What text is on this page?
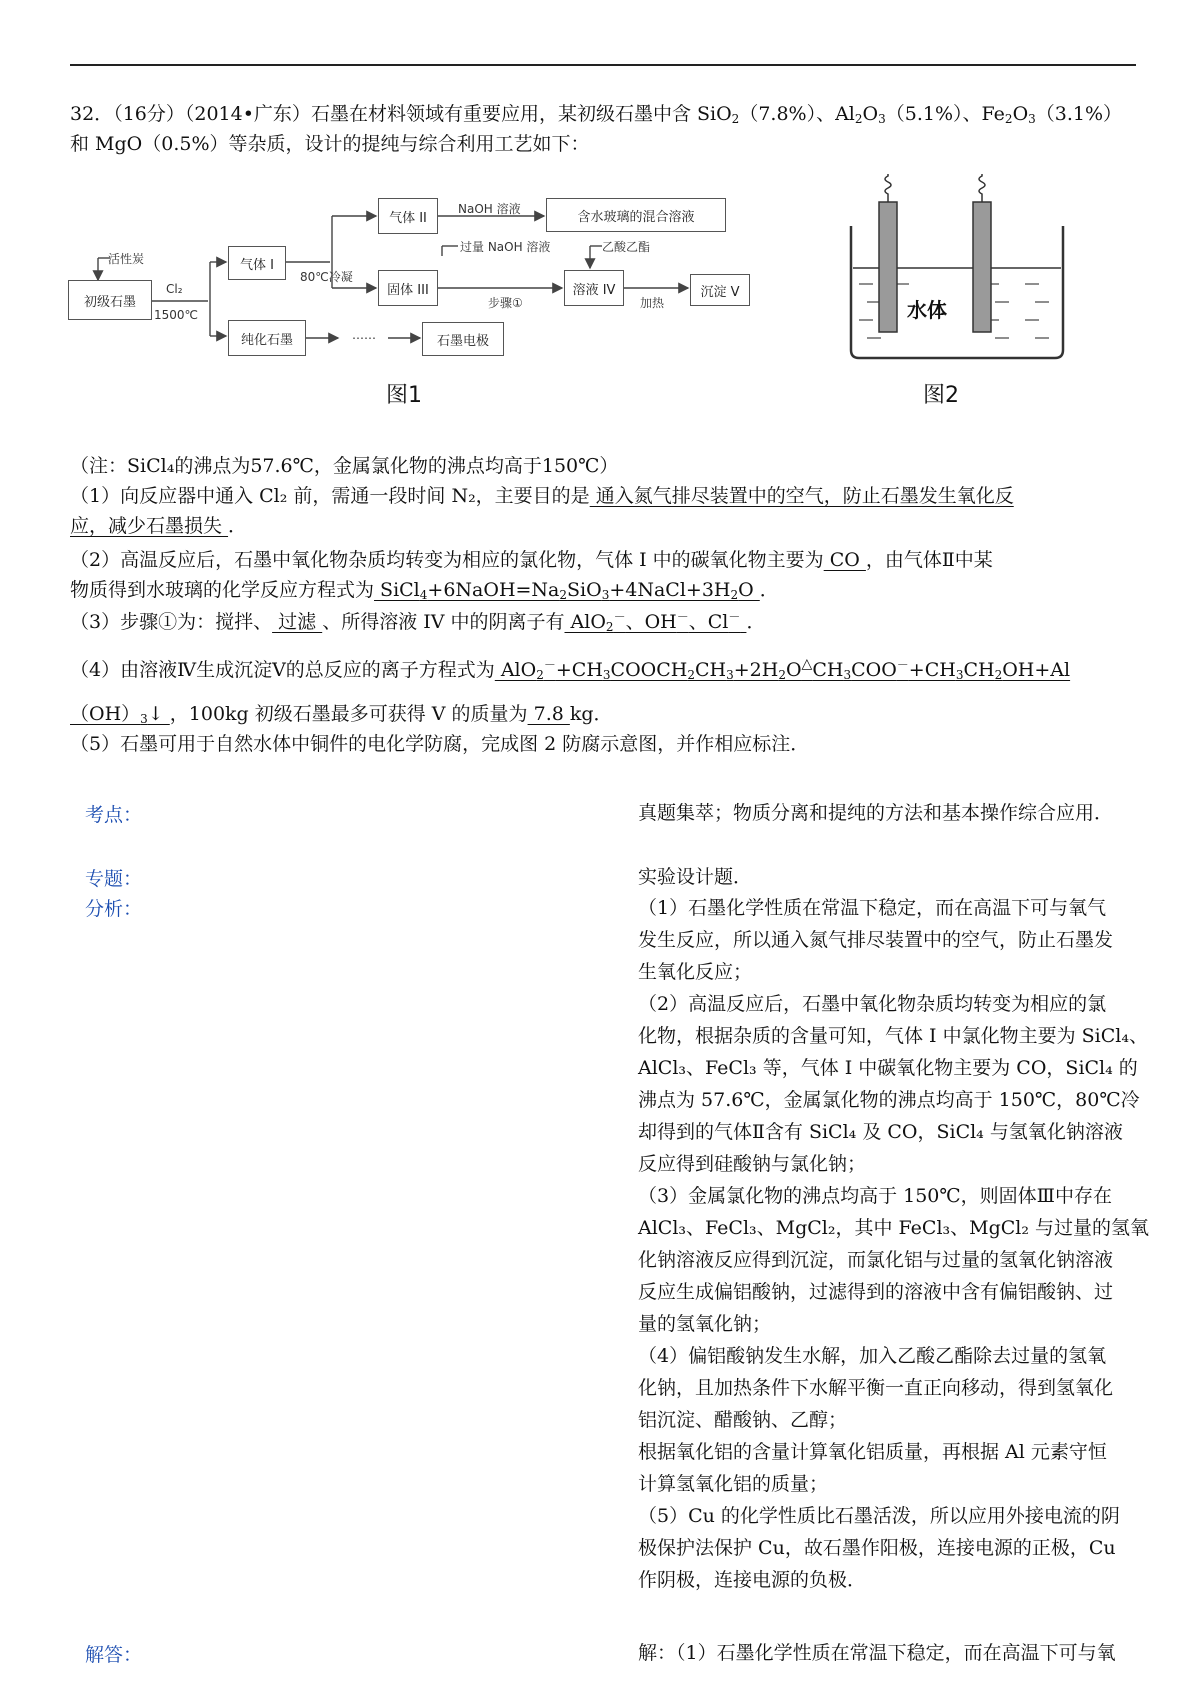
32．（16分）（2014•广东）石墨在材料领域有重要应用，某初级石墨中含 SiO$_2$（7.8%）、$Al_2O_3(5.1\%)$、$Fe_2O_3(3.1\%)$
和 MgO（0.5%）等杂质，设计的提纯与综合利用工艺如下：
初级石墨
气体 I
纯化石墨
气体 II	含水玻璃的混合溶液
固体 III	溶液 IV	沉淀 V
石墨电极
活性炭
Cl₂
1500℃
80℃冷凝
NaOH 溶液
过量 NaOH 溶液	乙酸乙酯
步骤①	加热
……
图1
水体
图2
（注：SiCl₄的沸点为57.6℃，金属氯化物的沸点均高于150℃）
（1）向反应器中通入 Cl₂ 前，需通一段时间 N₂，主要目的是 通入氮气排尽装置中的空气，防止石墨发生氧化反
应，减少石墨损失 ．
（2）高温反应后，石墨中氧化物杂质均转变为相应的氯化物，气体 I 中的碳氧化物主要为 CO ，由气体Ⅱ中某
物质得到水玻璃的化学反应方程式为 $SiCl_4+6NaOH=Na_2SiO_3+4NaCl+3H_2O$ ．
（3）步骤①为：搅拌、 过滤 、所得溶液 IV 中的阴离子有 AlO$_2$－、OH－、Cl－ ．
（4）由溶液Ⅳ生成沉淀Ⅴ的总反应的离子方程式为 $AlO_2^-+CH_3COOCH_2CH_3+2H_2O^\triangle CH_3COO^-+CH_3CH_2OH+Al$
$(OH)_3↓$ ，100kg 初级石墨最多可获得 V 的质量为 7.8 kg．
（5）石墨可用于自然水体中铜件的电化学防腐，完成图 2 防腐示意图，并作相应标注．
考点：	真题集萃；物质分离和提纯的方法和基本操作综合应用．
专题：	实验设计题．
分析：	（1）石墨化学性质在常温下稳定，而在高温下可与氧气
发生反应，所以通入氮气排尽装置中的空气，防止石墨发
生氧化反应；
（2）高温反应后，石墨中氧化物杂质均转变为相应的氯
化物，根据杂质的含量可知，气体 I 中氯化物主要为 SiCl₄、
AlCl₃、FeCl₃ 等，气体 I 中碳氧化物主要为 CO，SiCl₄ 的
沸点为 57.6℃，金属氯化物的沸点均高于 150℃，80℃冷
却得到的气体Ⅱ含有 SiCl₄ 及 CO，SiCl₄ 与氢氧化钠溶液
反应得到硅酸钠与氯化钠；
（3）金属氯化物的沸点均高于 150℃，则固体Ⅲ中存在
AlCl₃、FeCl₃、MgCl₂，其中 FeCl₃、MgCl₂ 与过量的氢氧
化钠溶液反应得到沉淀，而氯化铝与过量的氢氧化钠溶液
反应生成偏铝酸钠，过滤得到的溶液中含有偏铝酸钠、过
量的氢氧化钠；
（4）偏铝酸钠发生水解，加入乙酸乙酯除去过量的氢氧
化钠，且加热条件下水解平衡一直正向移动，得到氢氧化
铝沉淀、醋酸钠、乙醇；
根据氧化铝的含量计算氧化铝质量，再根据 Al 元素守恒
计算氢氧化铝的质量；
（5）Cu 的化学性质比石墨活泼，所以应用外接电流的阴
极保护法保护 Cu，故石墨作阳极，连接电源的正极，Cu
作阴极，连接电源的负极．
解答：	解：（1）石墨化学性质在常温下稳定，而在高温下可与氧
